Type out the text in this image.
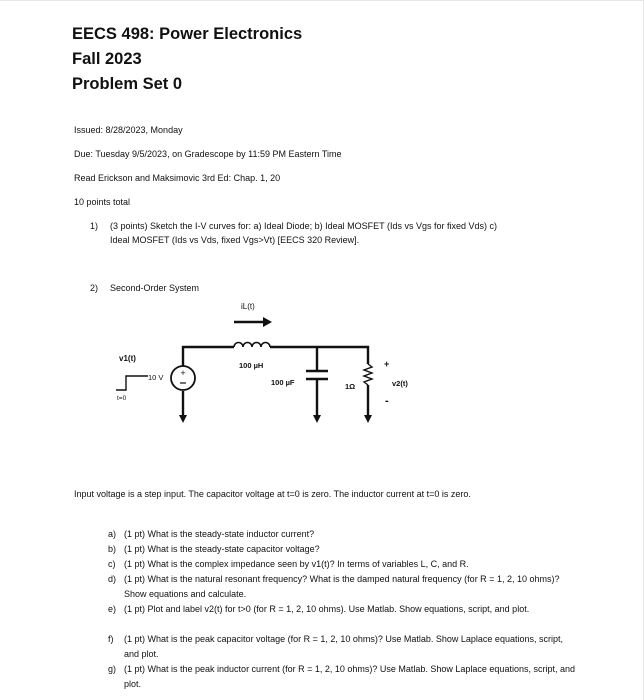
EECS 498: Power Electronics
Fall 2023
Problem Set 0
Issued: 8/28/2023, Monday
Due: Tuesday 9/5/2023, on Gradescope by 11:59 PM Eastern Time
Read Erickson and Maksimovic 3rd Ed: Chap. 1, 20
10 points total
1) (3 points) Sketch the I-V curves for: a) Ideal Diode; b) Ideal MOSFET (Ids vs Vgs for fixed Vds) c)
Ideal MOSFET (Ids vs Vds, fixed Vgs>Vt) [EECS 320 Review].
2) Second-Order System
+
iL(t)
100 µH
100 µF	1Ω
v1(t)
10 V
t=0
+
v2(t)
-
Input voltage is a step input. The capacitor voltage at t=0 is zero. The inductor current at t=0 is zero.
a) (1 pt) What is the steady-state inductor current?
b) (1 pt) What is the steady-state capacitor voltage?
c) (1 pt) What is the complex impedance seen by v1(t)? In terms of variables L, C, and R.
d) (1 pt) What is the natural resonant frequency? What is the damped natural frequency (for R = 1, 2, 10 ohms)? Show equations and calculate.
e) (1 pt) Plot and label v2(t) for t>0 (for R = 1, 2, 10 ohms). Use Matlab. Show equations, script, and plot.
f) (1 pt) What is the peak capacitor voltage (for R = 1, 2, 10 ohms)? Use Matlab. Show Laplace equations, script, and plot.
g) (1 pt) What is the peak inductor current (for R = 1, 2, 10 ohms)? Use Matlab. Show Laplace equations, script, and plot.
